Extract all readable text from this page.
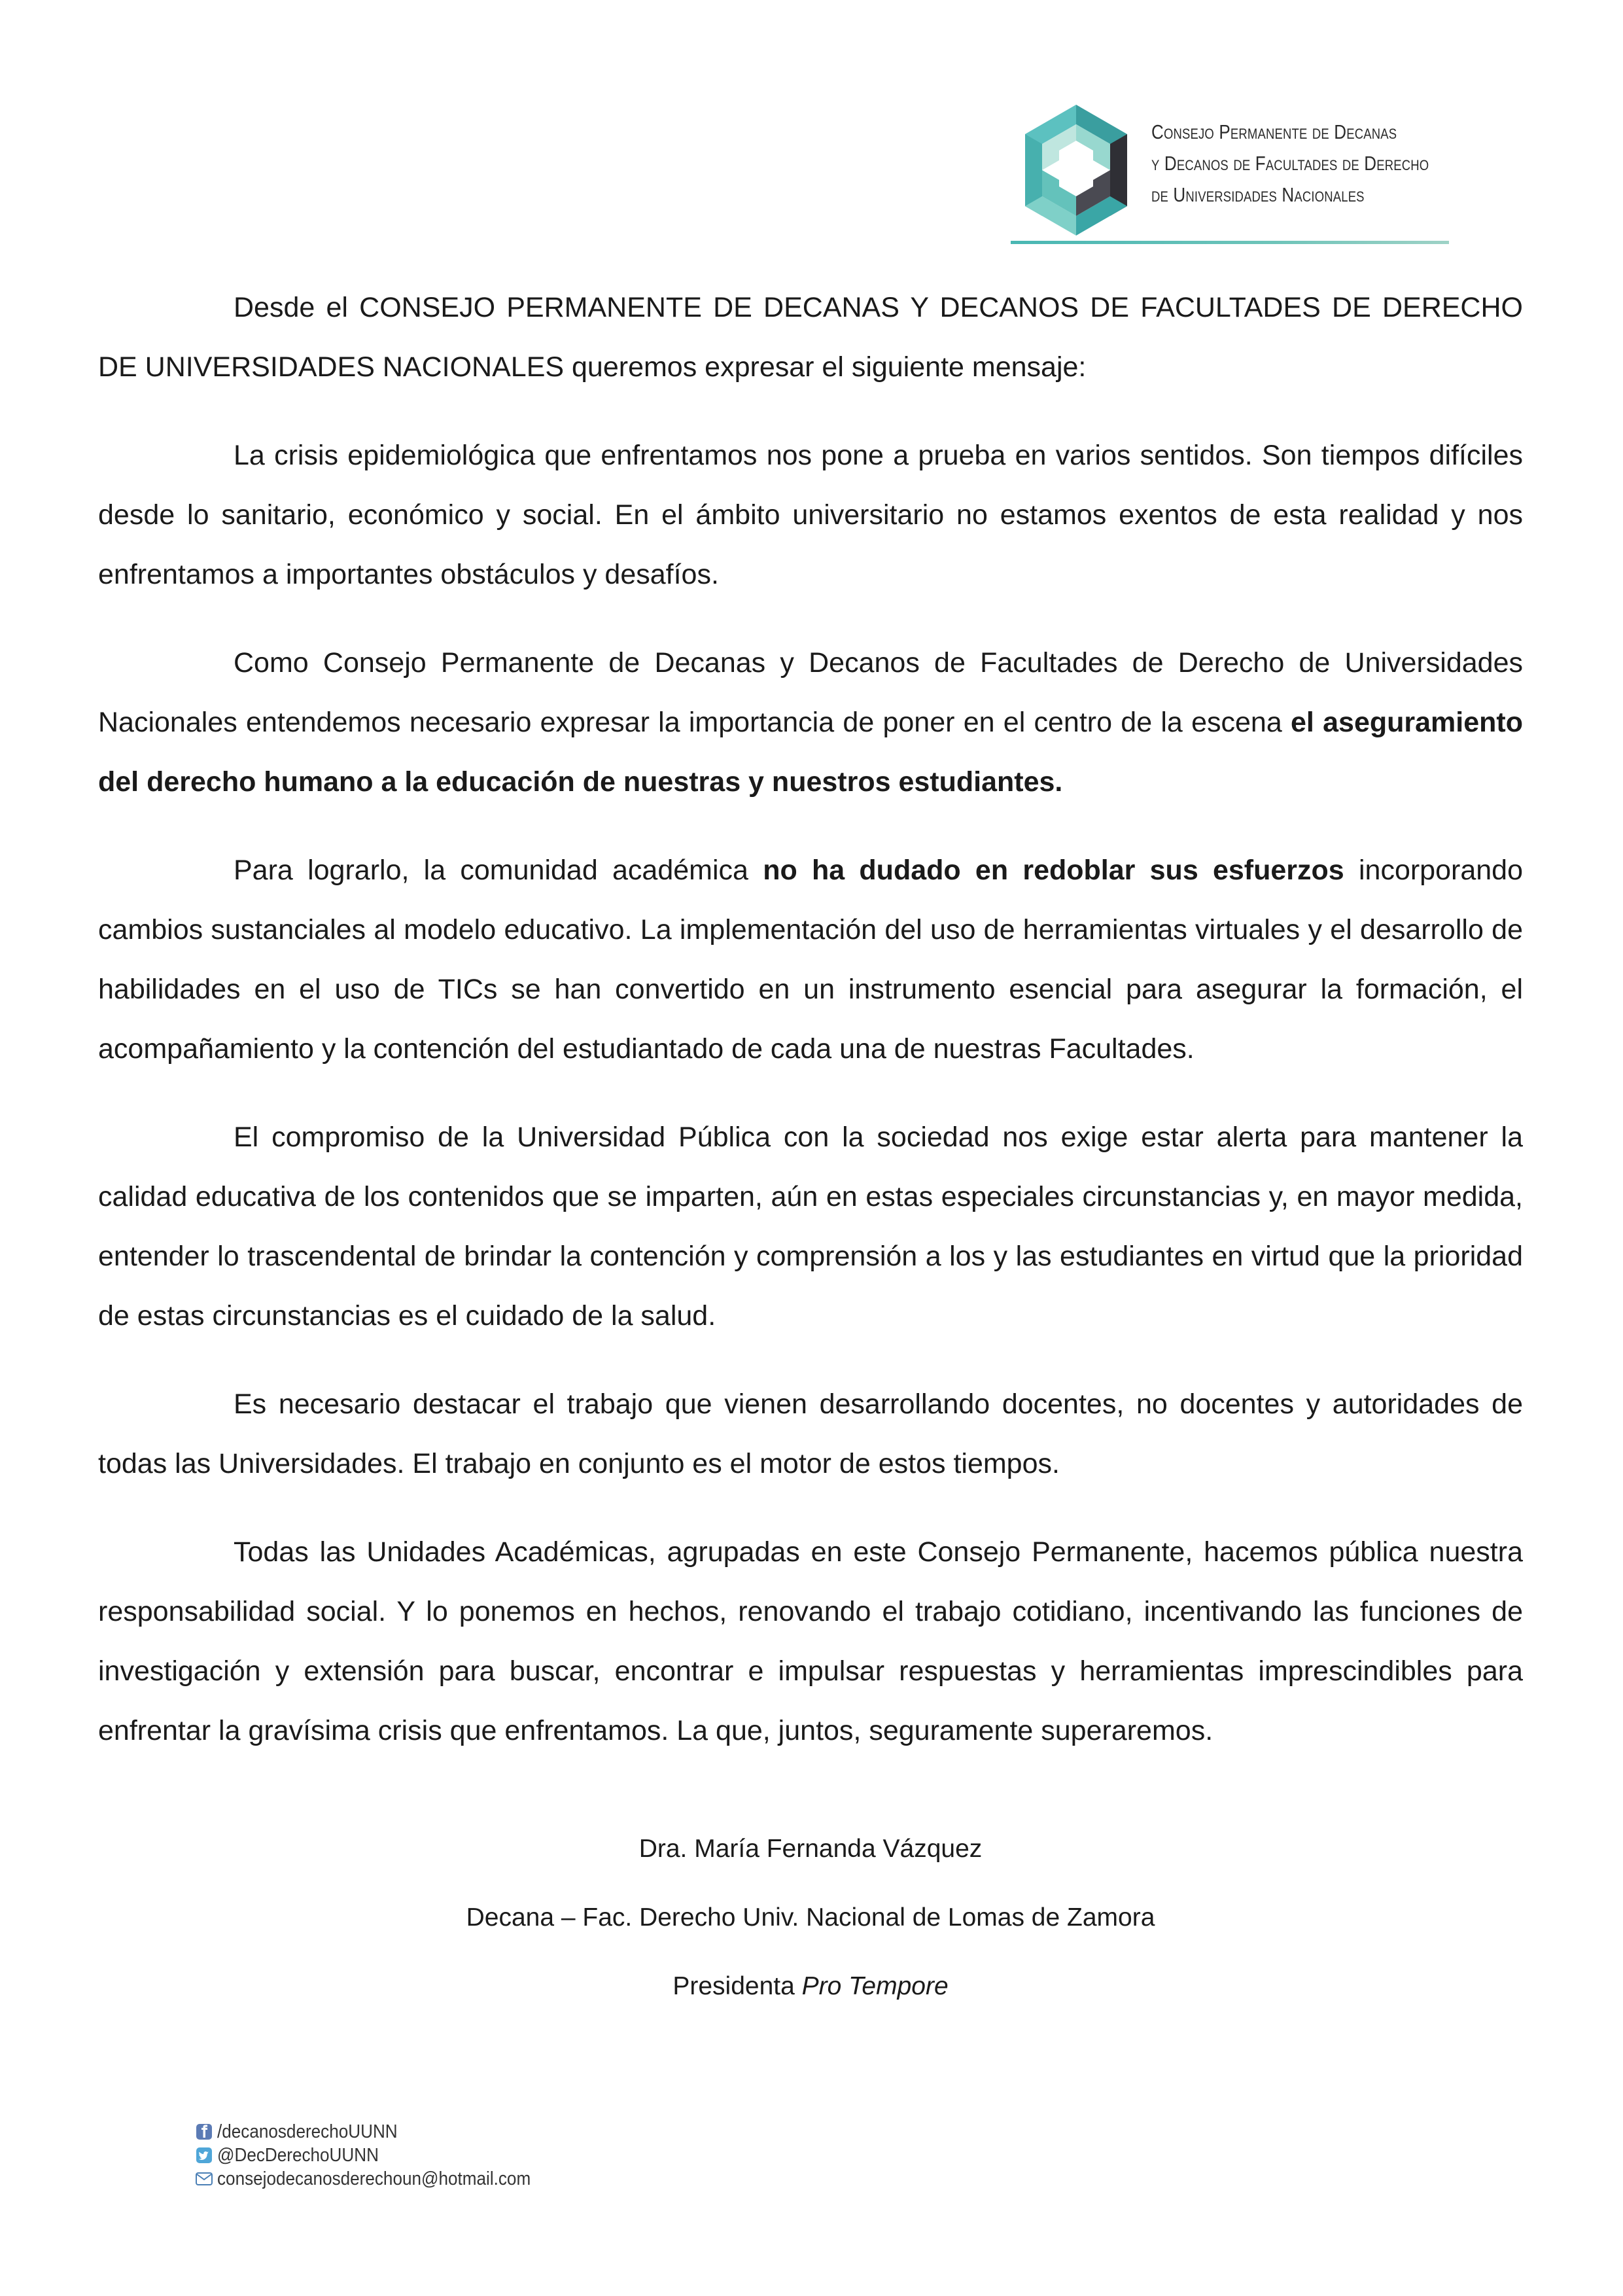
Consejo Permanente de Decanas
y Decanos de Facultades de Derecho
de Universidades Nacionales

Desde el CONSEJO PERMANENTE DE DECANAS Y DECANOS DE FACULTADES DE DERECHO DE UNIVERSIDADES NACIONALES queremos expresar el siguiente mensaje:

La crisis epidemiológica que enfrentamos nos pone a prueba en varios sentidos. Son tiempos difíciles desde lo sanitario, económico y social. En el ámbito universitario no estamos exentos de esta realidad y nos enfrentamos a importantes obstáculos y desafíos.

Como Consejo Permanente de Decanas y Decanos de Facultades de Derecho de Universidades Nacionales entendemos necesario expresar la importancia de poner en el centro de la escena el aseguramiento del derecho humano a la educación de nuestras y nuestros estudiantes.

Para lograrlo, la comunidad académica no ha dudado en redoblar sus esfuerzos incorporando cambios sustanciales al modelo educativo. La implementación del uso de herramientas virtuales y el desarrollo de habilidades en el uso de TICs se han convertido en un instrumento esencial para asegurar la formación, el acompañamiento y la contención del estudiantado de cada una de nuestras Facultades.

El compromiso de la Universidad Pública con la sociedad nos exige estar alerta para mantener la calidad educativa de los contenidos que se imparten, aún en estas especiales circunstancias y, en mayor medida, entender lo trascendental de brindar la contención y comprensión a los y las estudiantes en virtud que la prioridad de estas circunstancias es el cuidado de la salud.

Es necesario destacar el trabajo que vienen desarrollando docentes, no docentes y autoridades de todas las Universidades. El trabajo en conjunto es el motor de estos tiempos.

Todas las Unidades Académicas, agrupadas en este Consejo Permanente, hacemos pública nuestra responsabilidad social. Y lo ponemos en hechos, renovando el trabajo cotidiano, incentivando las funciones de investigación y extensión para buscar, encontrar e impulsar respuestas y herramientas imprescindibles para enfrentar la gravísima crisis que enfrentamos. La que, juntos, seguramente superaremos.

Dra. María Fernanda Vázquez
Decana – Fac. Derecho Univ. Nacional de Lomas de Zamora
Presidenta Pro Tempore
/decanosderechoUUNN
@DecDerechoUUNN
consejodecanosderechoun@hotmail.com
